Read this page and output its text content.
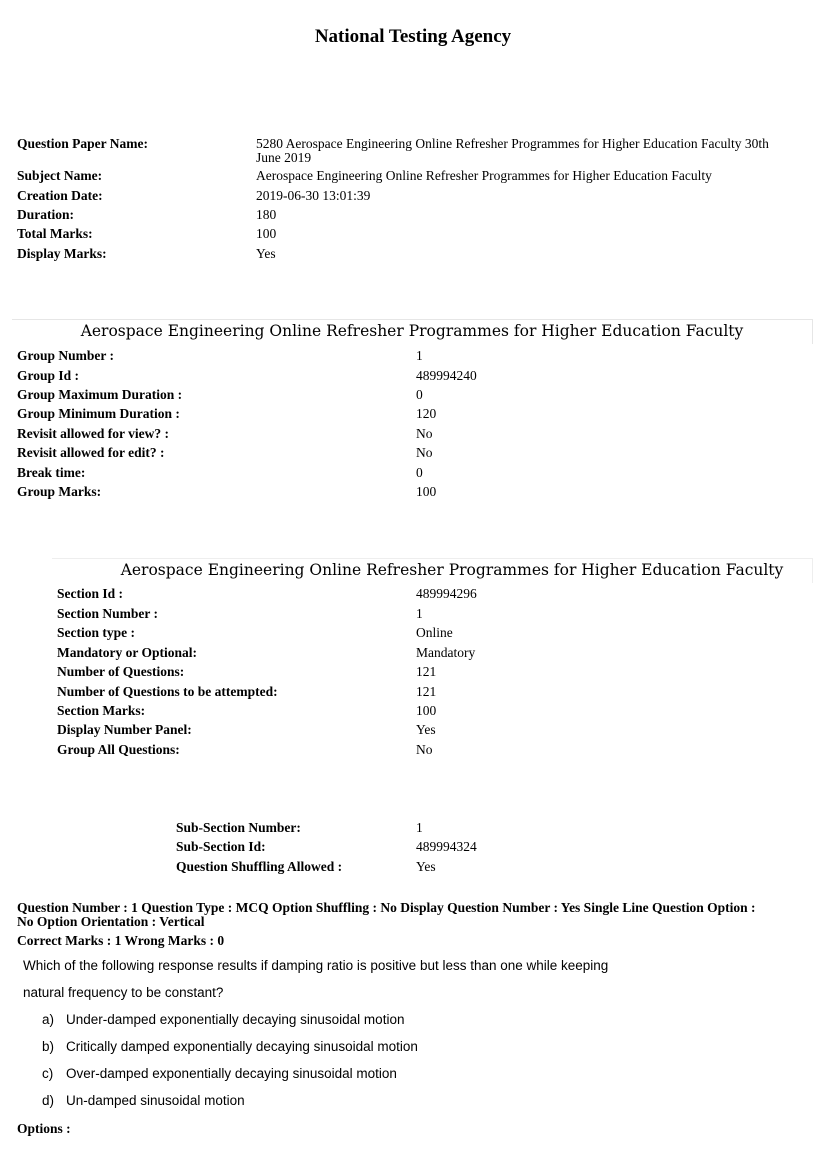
National Testing Agency
Question Paper Name:	5280 Aerospace Engineering Online Refresher Programmes for Higher Education Faculty 30th June 2019
Subject Name:	Aerospace Engineering Online Refresher Programmes for Higher Education Faculty
Creation Date:	2019-06-30 13:01:39
Duration:	180
Total Marks:	100
Display Marks:	Yes
Aerospace Engineering Online Refresher Programmes for Higher Education Faculty
Group Number :	1
Group Id :	489994240
Group Maximum Duration :	0
Group Minimum Duration :	120
Revisit allowed for view? :	No
Revisit allowed for edit? :	No
Break time:	0
Group Marks:	100
Aerospace Engineering Online Refresher Programmes for Higher Education Faculty
Section Id :	489994296
Section Number :	1
Section type :	Online
Mandatory or Optional:	Mandatory
Number of Questions:	121
Number of Questions to be attempted:	121
Section Marks:	100
Display Number Panel:	Yes
Group All Questions:	No
Sub-Section Number:	1
Sub-Section Id:	489994324
Question Shuffling Allowed :	Yes
Question Number : 1 Question Type : MCQ Option Shuffling : No Display Question Number : Yes Single Line Question Option :
No Option Orientation : Vertical
Correct Marks : 1 Wrong Marks : 0
Which of the following response results if damping ratio is positive but less than one while keeping
natural frequency to be constant?
a) Under-damped exponentially decaying sinusoidal motion
b) Critically damped exponentially decaying sinusoidal motion
c) Over-damped exponentially decaying sinusoidal motion
d) Un-damped sinusoidal motion
Options :
